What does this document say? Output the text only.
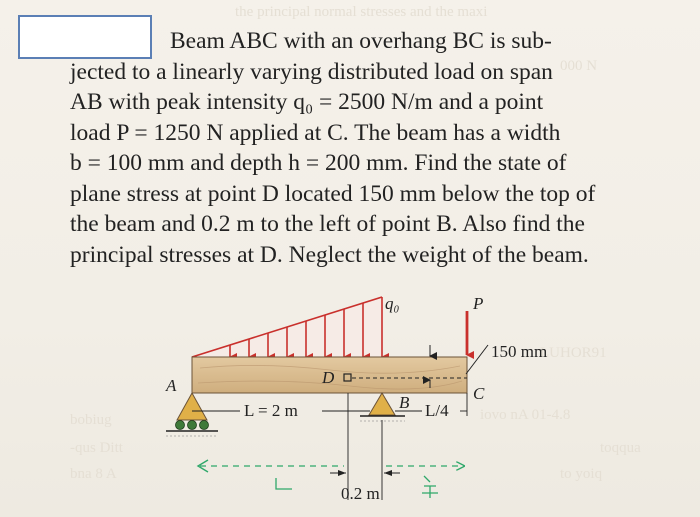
the principal normal stresses and the maxi
000 N
LUHOR91
iovo nA 01-4.8
bobiug
-qus Ditt	toqqua
bna 8 A	to yoiq
Beam ABC with an overhang BC is sub-
jected to a linearly varying distributed load on span
AB with peak intensity q₀ = 2500 N/m and a point
load P = 1250 N applied at C. The beam has a width
b = 100 mm and depth h = 200 mm. Find the state of
plane stress at point D located 150 mm below the top of
the beam and 0.2 m to the left of point B. Also find the
principal stresses at D. Neglect the weight of the beam.
q₀	P
150 mm
A	D
C
B
L = 2 m	L/4
0.2 m
